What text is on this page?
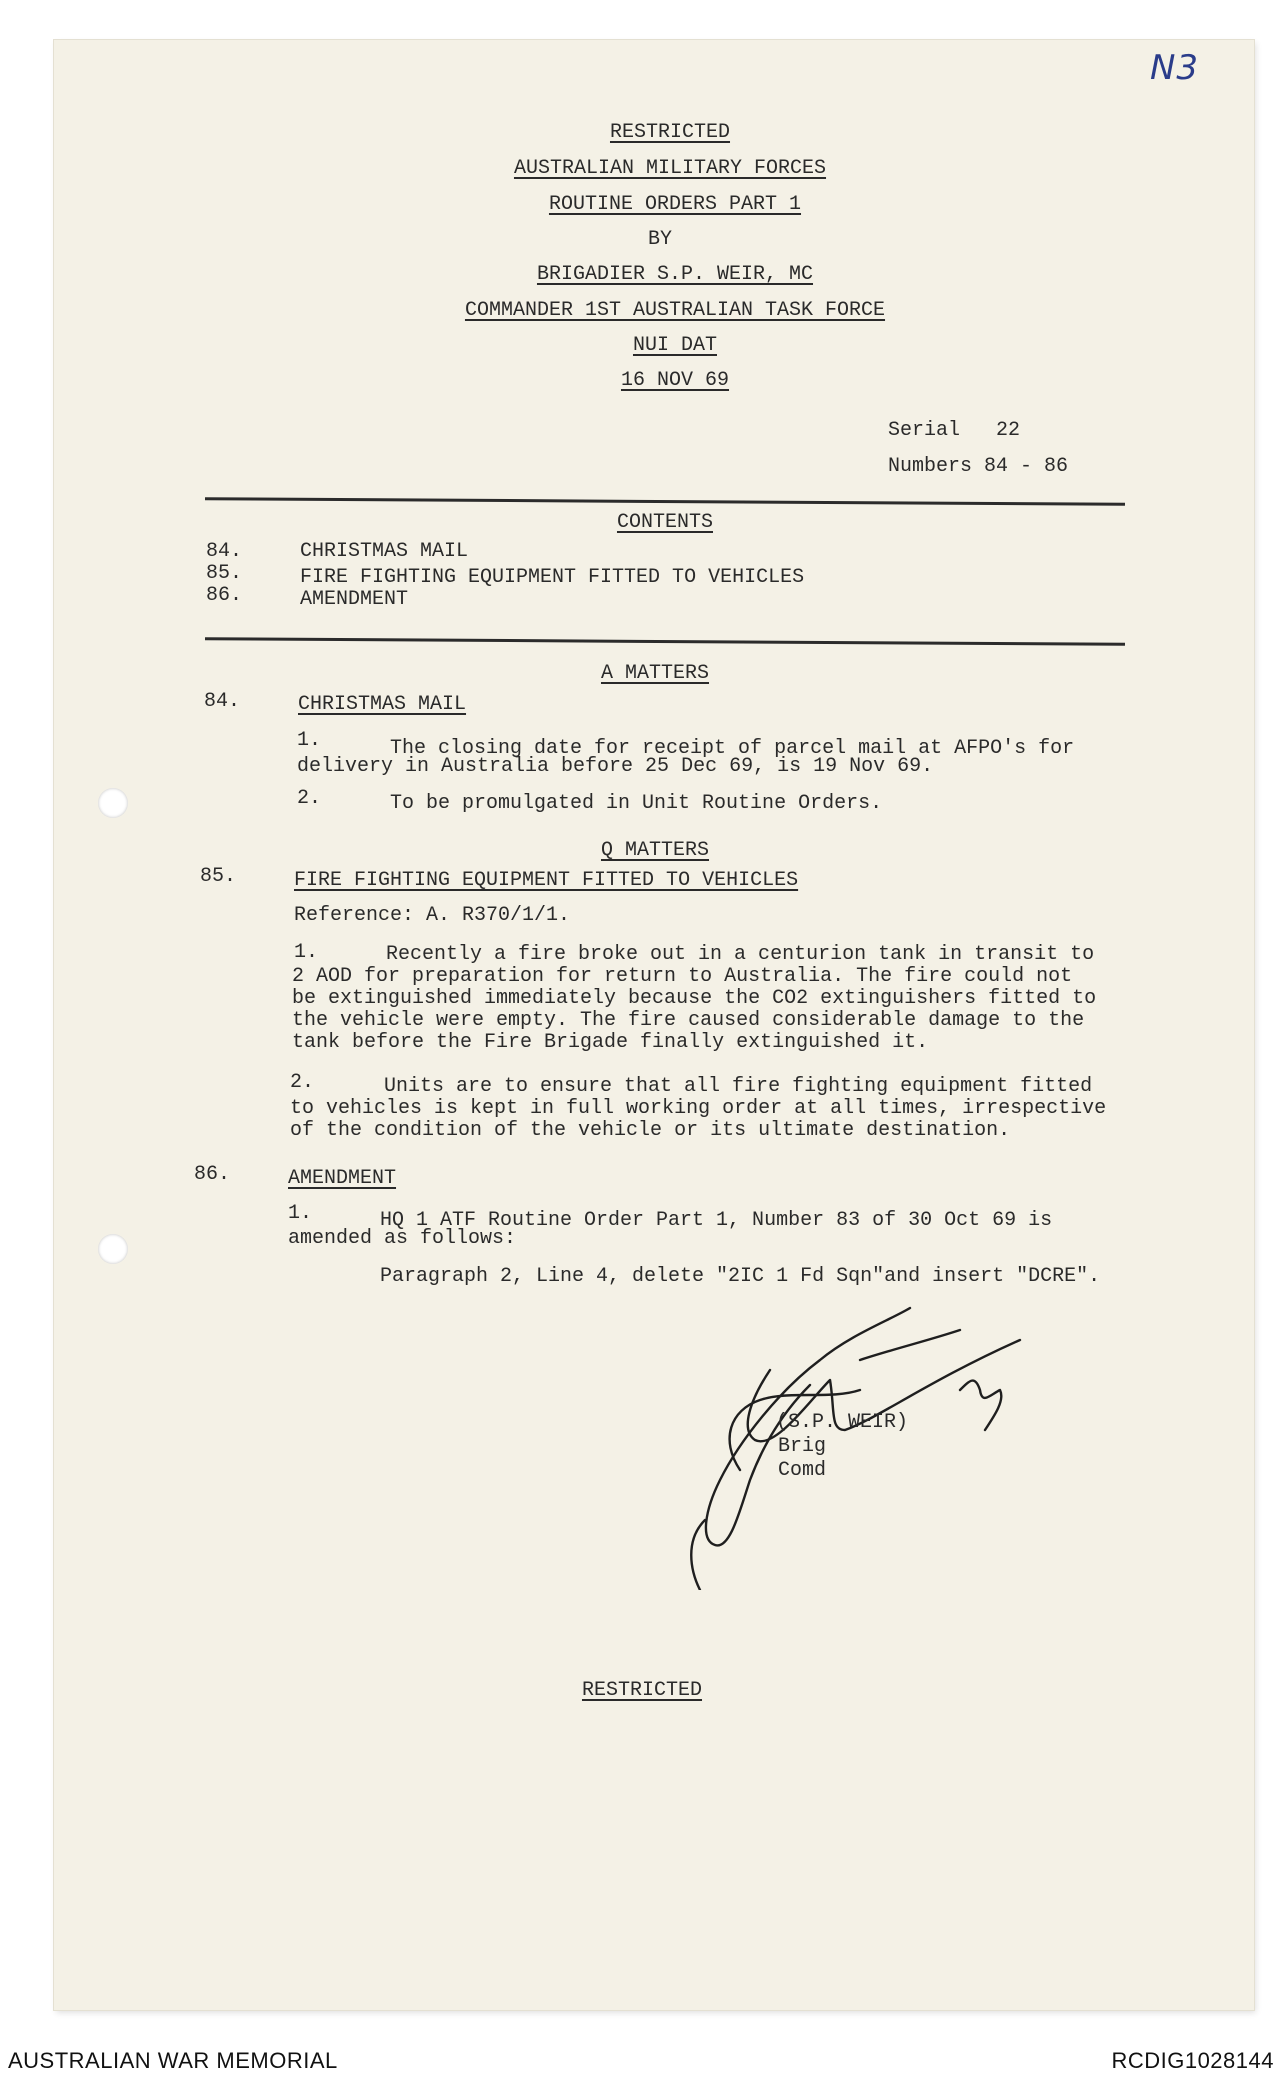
N3
RESTRICTED
AUSTRALIAN MILITARY FORCES
ROUTINE ORDERS PART 1
BY
BRIGADIER S.P. WEIR, MC
COMMANDER 1ST AUSTRALIAN TASK FORCE
NUI DAT
16 NOV 69
Serial   22
Numbers 84 - 86
CONTENTS
84.	CHRISTMAS MAIL
85.	FIRE FIGHTING EQUIPMENT FITTED TO VEHICLES
86.	AMENDMENT
A MATTERS
84.	CHRISTMAS MAIL
1.	The closing date for receipt of parcel mail at AFPO's for
delivery in Australia before 25 Dec 69, is 19 Nov 69.
2.	To be promulgated in Unit Routine Orders.
Q MATTERS
85.	FIRE FIGHTING EQUIPMENT FITTED TO VEHICLES
Reference: A. R370/1/1.
1.	Recently a fire broke out in a centurion tank in transit to
2 AOD for preparation for return to Australia. The fire could not
be extinguished immediately because the CO2 extinguishers fitted to
the vehicle were empty. The fire caused considerable damage to the
tank before the Fire Brigade finally extinguished it.
2.	Units are to ensure that all fire fighting equipment fitted
to vehicles is kept in full working order at all times, irrespective
of the condition of the vehicle or its ultimate destination.
86.	AMENDMENT
1.	HQ 1 ATF Routine Order Part 1, Number 83 of 30 Oct 69 is
amended as follows:
Paragraph 2, Line 4, delete "2IC 1 Fd Sqn"and insert "DCRE".
(S.P. WEIR)
Brig
Comd
RESTRICTED
AUSTRALIAN WAR MEMORIAL	RCDIG1028144
